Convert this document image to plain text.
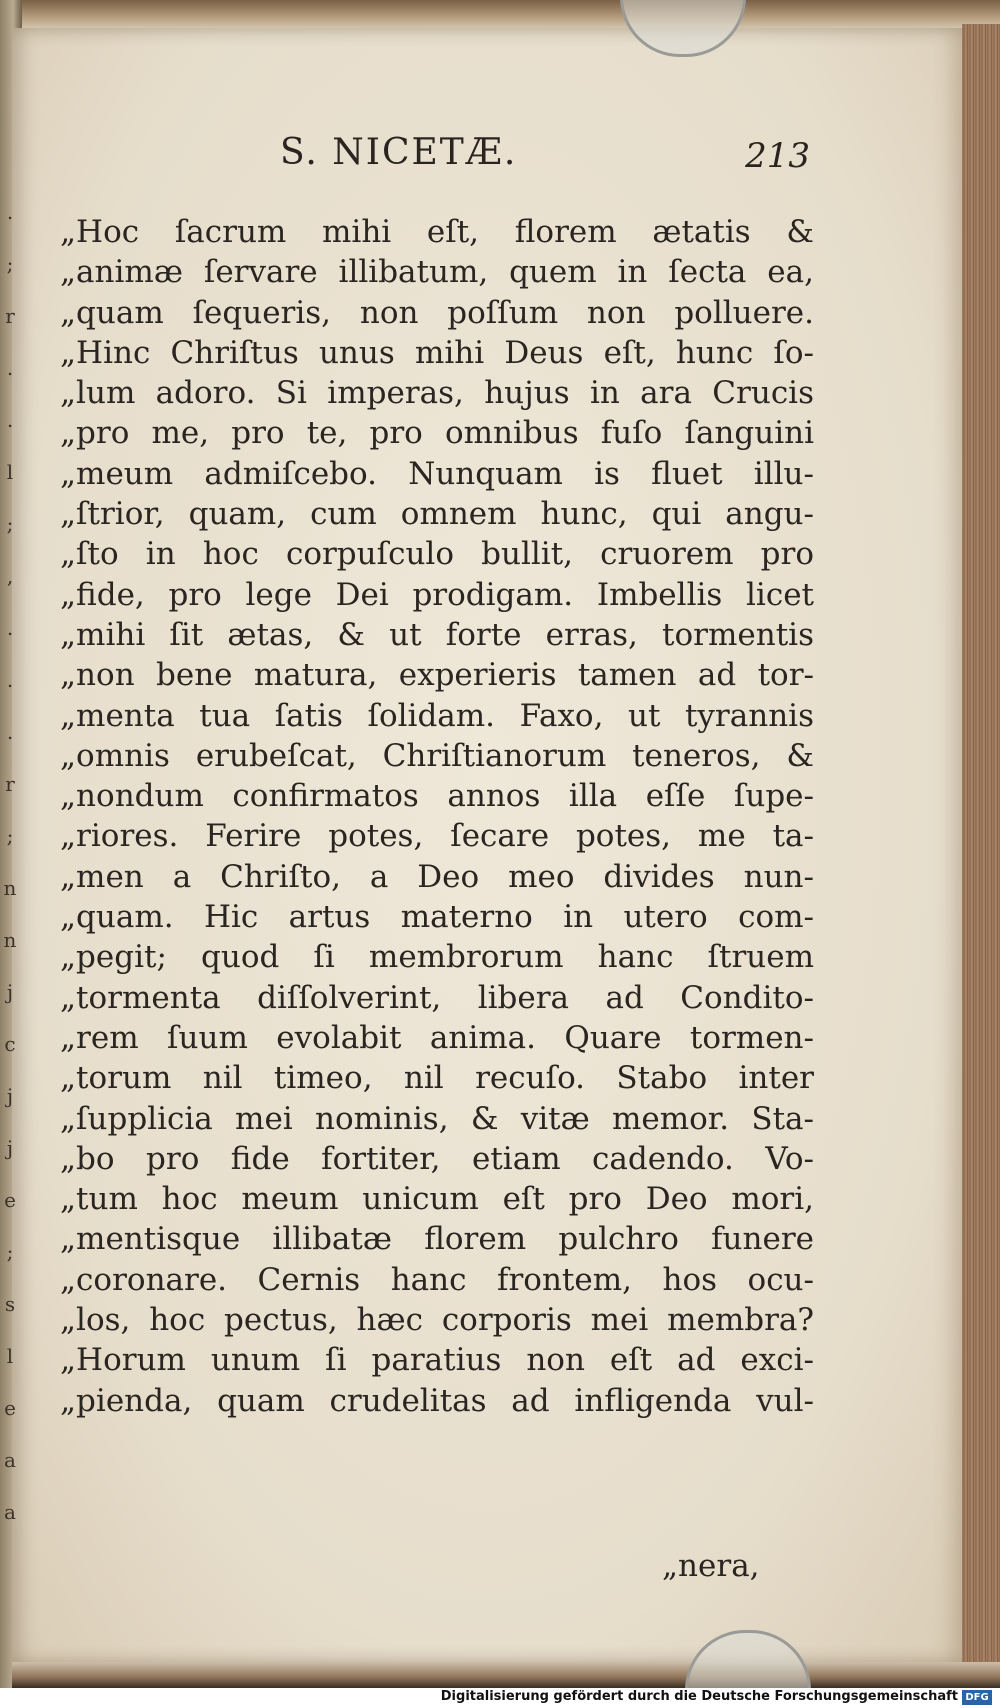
.
;
r
.
.
l
;
,
.
.
.
r
;
n
n
j
c
j
j
e
;
s
l
e
a
a
S. NICETÆ.	213
„Hoc ſacrum mihi eſt, florem ætatis &
„animæ ſervare illibatum, quem in ſecta ea,
„quam ſequeris, non poſſum non polluere.
„Hinc Chriſtus unus mihi Deus eſt, hunc ſo-
„lum adoro. Si imperas, hujus in ara Crucis
„pro me, pro te, pro omnibus fuſo ſanguini
„meum admiſcebo. Nunquam is fluet illu-
„ſtrior, quam, cum omnem hunc, qui angu-
„ſto in hoc corpuſculo bullit, cruorem pro
„fide, pro lege Dei prodigam. Imbellis licet
„mihi ſit ætas, & ut forte erras, tormentis
„non bene matura, experieris tamen ad tor-
„menta tua ſatis ſolidam. Faxo, ut tyrannis
„omnis erubeſcat, Chriſtianorum teneros, &
„nondum confirmatos annos illa eſſe ſupe-
„riores. Ferire potes, ſecare potes, me ta-
„men a Chriſto, a Deo meo divides nun-
„quam. Hic artus materno in utero com-
„pegit; quod ſi membrorum hanc ſtruem
„tormenta diſſolverint, libera ad Condito-
„rem ſuum evolabit anima. Quare tormen-
„torum nil timeo, nil recuſo. Stabo inter
„ſupplicia mei nominis, & vitæ memor. Sta-
„bo pro fide fortiter, etiam cadendo. Vo-
„tum hoc meum unicum eſt pro Deo mori,
„mentisque illibatæ florem pulchro funere
„coronare. Cernis hanc frontem, hos ocu-
„los, hoc pectus, hæc corporis mei membra?
„Horum unum ſi paratius non eſt ad exci-
„pienda, quam crudelitas ad infligenda vul-
„nera,
Digitalisierung gefördert durch die Deutsche Forschungsgemeinschaft DFG
